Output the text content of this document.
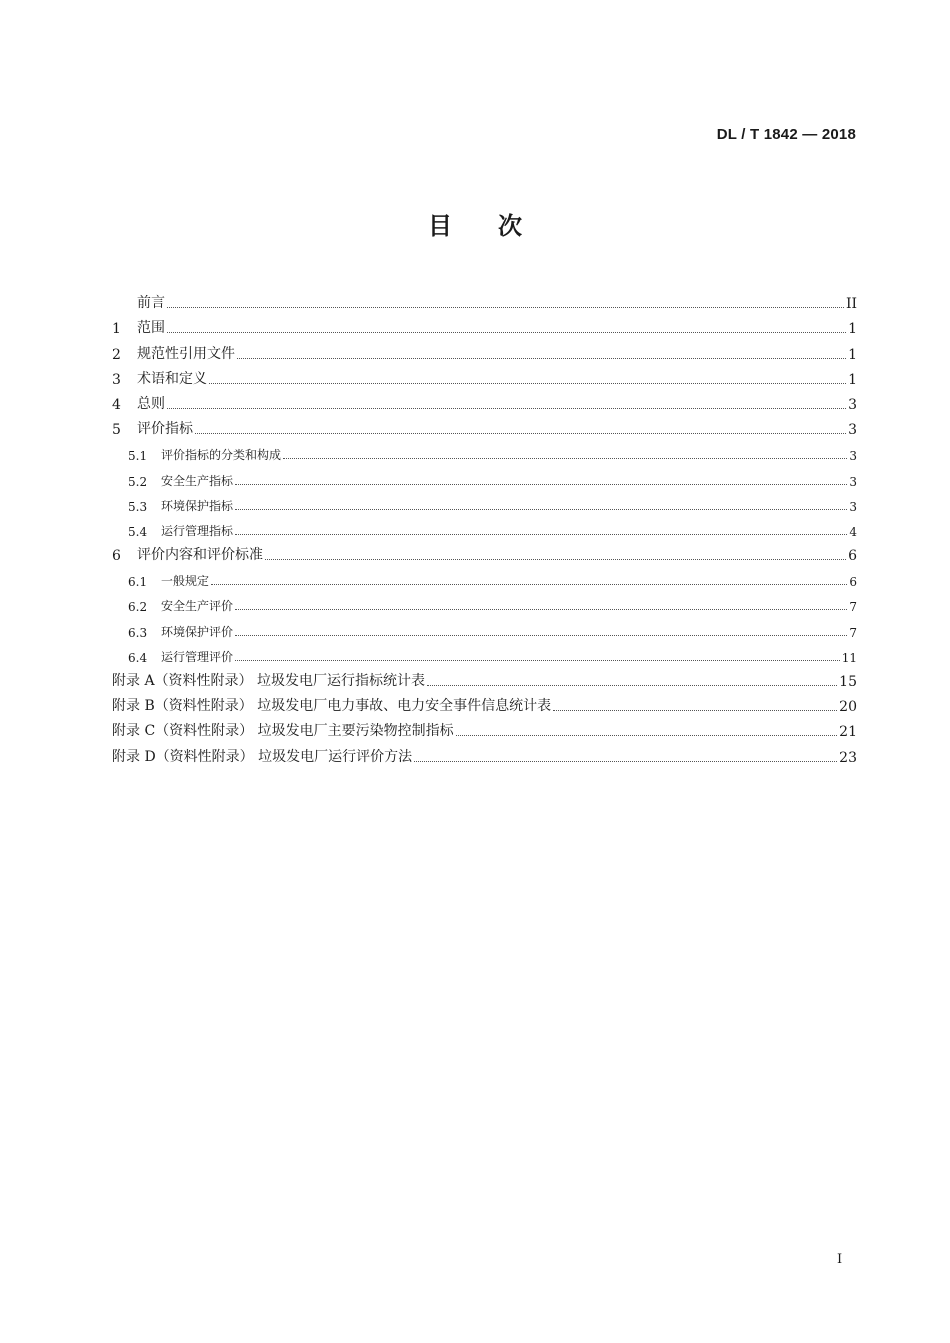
DL / T 1842 — 2018
目 次
前言	II
1	范围	1
2	规范性引用文件	1
3	术语和定义	1
4	总则	3
5	评价指标	3
5.1	评价指标的分类和构成	3
5.2	安全生产指标	3
5.3	环境保护指标	3
5.4	运行管理指标	4
6	评价内容和评价标准	6
6.1	一般规定	6
6.2	安全生产评价	7
6.3	环境保护评价	7
6.4	运行管理评价	11
附录 A（资料性附录） 垃圾发电厂运行指标统计表	15
附录 B（资料性附录） 垃圾发电厂电力事故、电力安全事件信息统计表	20
附录 C（资料性附录） 垃圾发电厂主要污染物控制指标	21
附录 D（资料性附录） 垃圾发电厂运行评价方法	23
I
